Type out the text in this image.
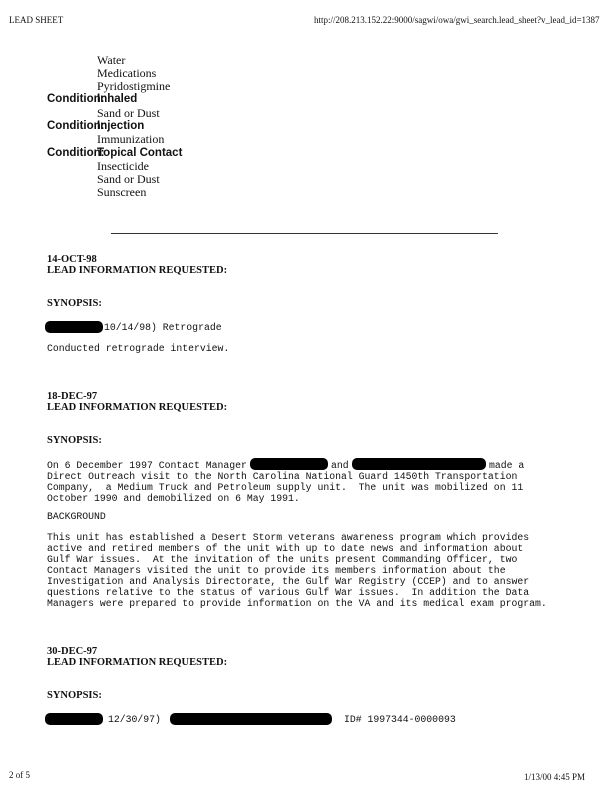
LEAD SHEET	http://208.213.152.22:9000/sagwi/owa/gwi_search.lead_sheet?v_lead_id=1387
Water
Medications
Pyridostigmine
Condition:
Inhaled
Sand or Dust
Condition:
Injection
Immunization
Condition:
Topical Contact
Insecticide
Sand or Dust
Sunscreen
14-OCT-98
LEAD INFORMATION REQUESTED:
SYNOPSIS:
10/14/98) Retrograde
Conducted retrograde interview.
18-DEC-97
LEAD INFORMATION REQUESTED:
SYNOPSIS:
On 6 December 1997 Contact Manager	and	made a
Direct Outreach visit to the North Carolina National Guard 1450th Transportation
Company,  a Medium Truck and Petroleum supply unit.  The unit was mobilized on 11
October 1990 and demobilized on 6 May 1991.
BACKGROUND
This unit has established a Desert Storm veterans awareness program which provides
active and retired members of the unit with up to date news and information about
Gulf War issues.  At the invitation of the units present Commanding Officer, two
Contact Managers visited the unit to provide its members information about the
Investigation and Analysis Directorate, the Gulf War Registry (CCEP) and to answer
questions relative to the status of various Gulf War issues.  In addition the Data
Managers were prepared to provide information on the VA and its medical exam program.
30-DEC-97
LEAD INFORMATION REQUESTED:
SYNOPSIS:
12/30/97)	ID# 1997344-0000093
2 of 5	1/13/00 4:45 PM
